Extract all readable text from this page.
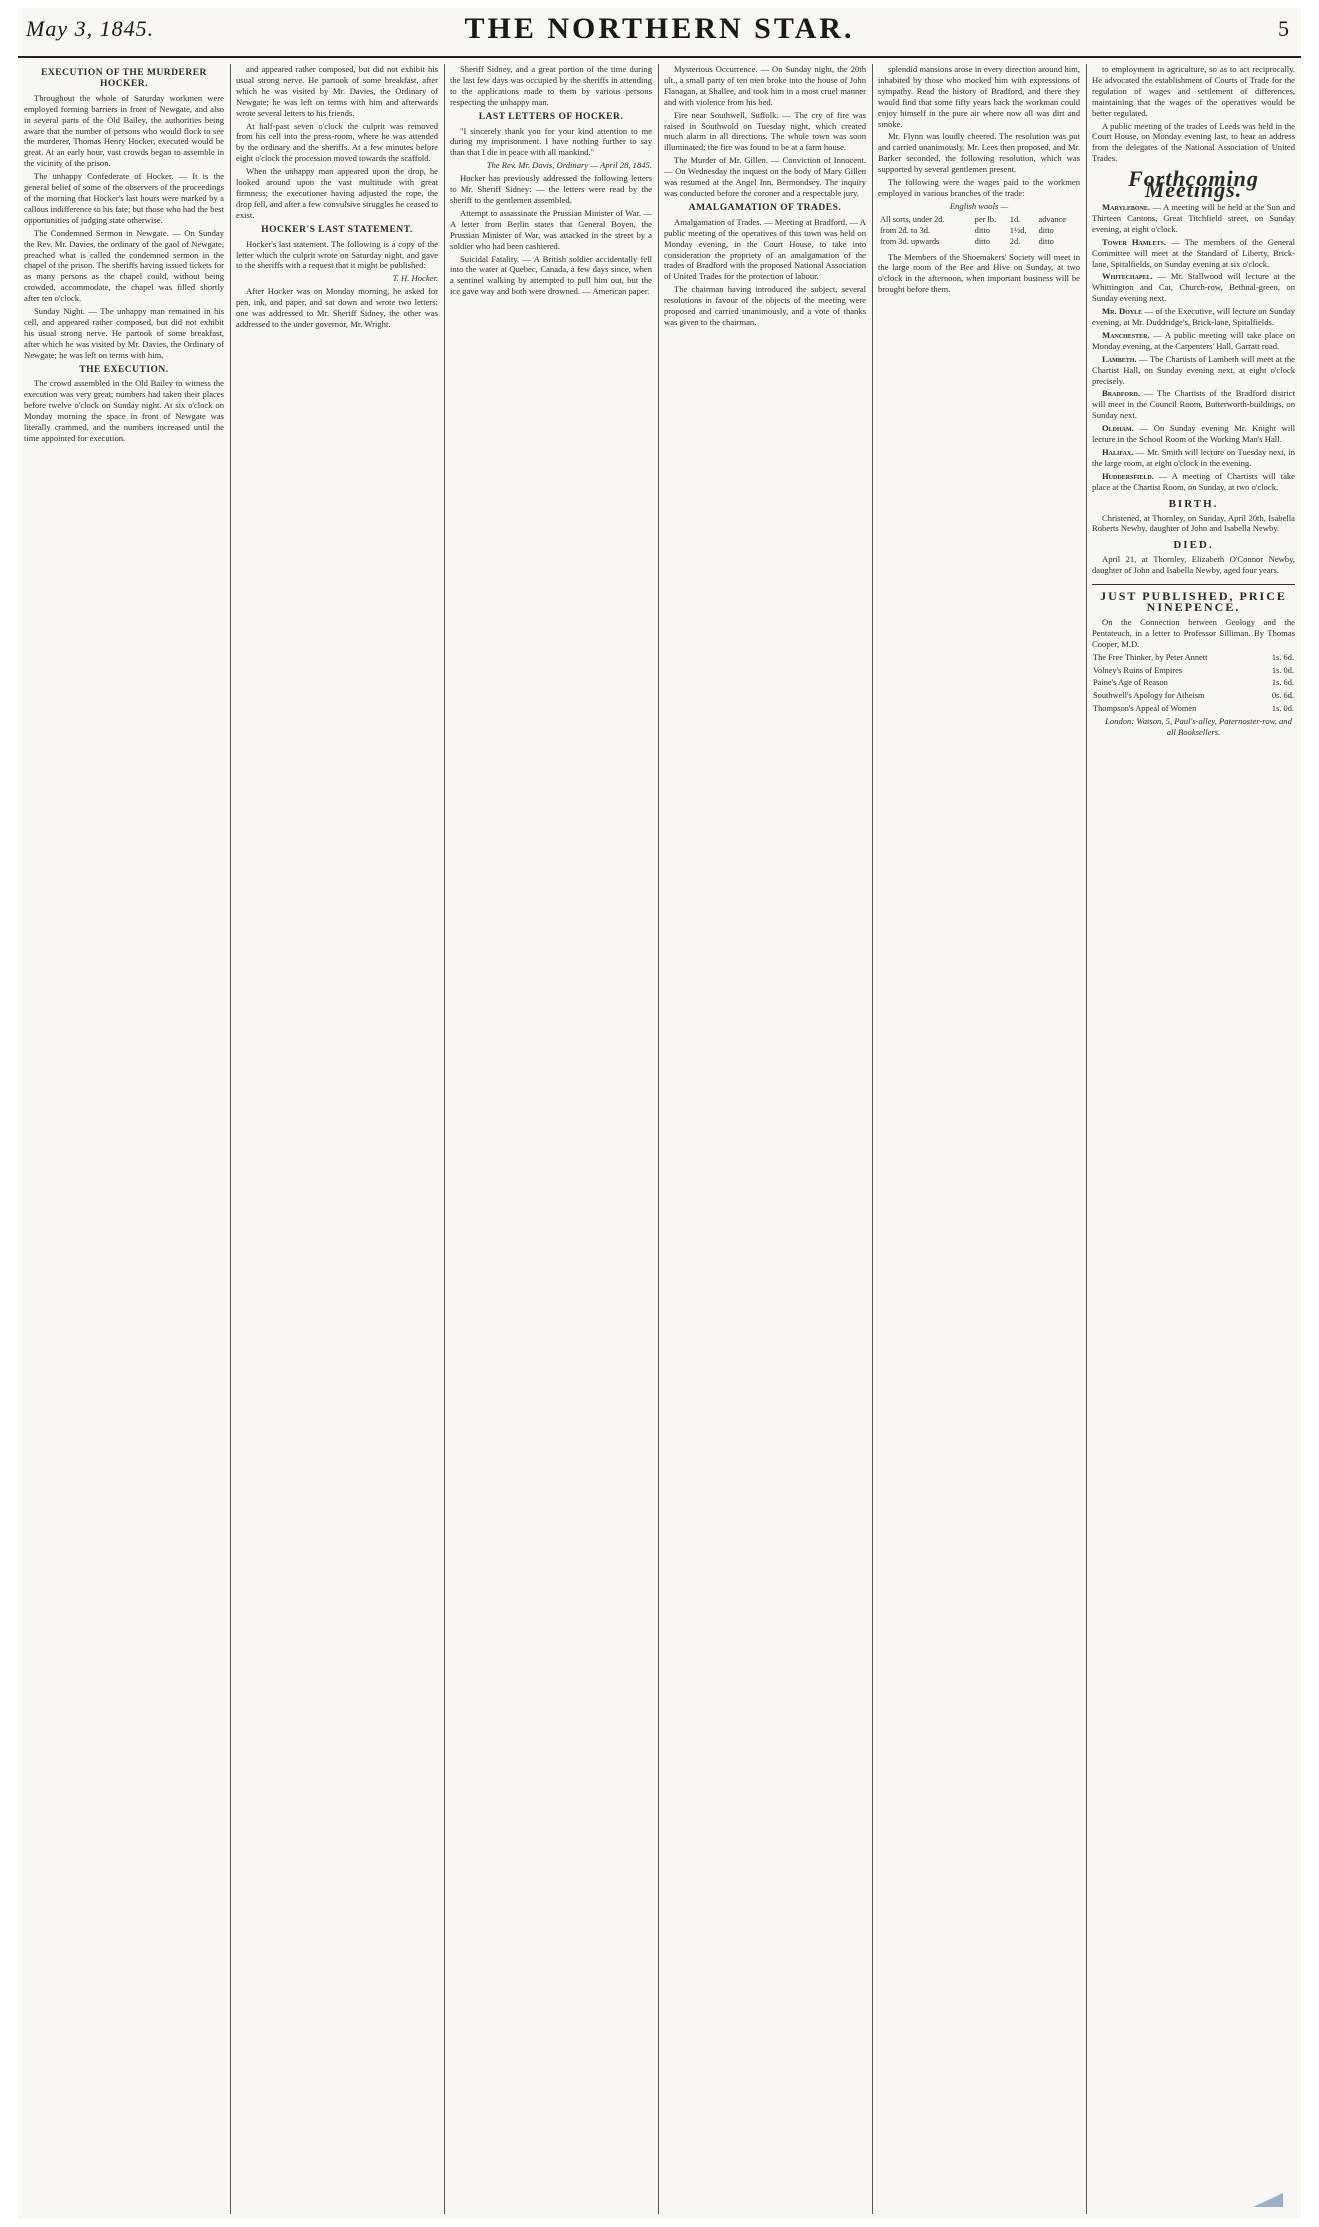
May 3, 1845.	THE NORTHERN STAR.	5
EXECUTION OF THE MURDERER HOCKER.

Throughout the whole of Saturday workmen were employed forming barriers in front of Newgate, and also in several parts of the Old Bailey, the authorities being aware that the number of persons who would flock to see the murderer, Thomas Henry Hocker, executed would be great. At an early hour, vast crowds began to assemble in the vicinity of the prison.

The unhappy Confederate of Hocker. — It is the general belief of some of the observers of the proceedings of the morning that Hocker's last hours were marked by a callous indifference to his fate; but those who had the best opportunities of judging state otherwise.

The Condemned Sermon in Newgate. — On Sunday the Rev. Mr. Davies, the ordinary of the gaol of Newgate, preached what is called the condemned sermon in the chapel of the prison. The sheriffs having issued tickets for as many persons as the chapel could, without being crowded, accommodate, the chapel was filled shortly after ten o'clock.

Sunday Night. — The unhappy man remained in his cell, and appeared rather composed, but did not exhibit his usual strong nerve. He partook of some breakfast, after which he was visited by Mr. Davies, the Ordinary of Newgate; he was left on terms with him.

THE EXECUTION.

The crowd assembled in the Old Bailey to witness the execution was very great; numbers had taken their places before twelve o'clock on Sunday night. At six o'clock on Monday morning the space in front of Newgate was literally crammed, and the numbers increased until the time appointed for execution.

and appeared rather composed, but did not exhibit his usual strong nerve. He partook of some breakfast, after which he was visited by Mr. Davies, the Ordinary of Newgate; he was left on terms with him and afterwards wrote several letters to his friends.

At half-past seven o'clock the culprit was removed from his cell into the press-room, where he was attended by the ordinary and the sheriffs. At a few minutes before eight o'clock the procession moved towards the scaffold.

When the unhappy man appeared upon the drop, he looked around upon the vast multitude with great firmness; the executioner having adjusted the rope, the drop fell, and after a few convulsive struggles he ceased to exist.

HOCKER'S LAST STATEMENT.

Hocker's last statement. The following is a copy of the letter which the culprit wrote on Saturday night, and gave to the sheriffs with a request that it might be published:

T. H. Hocker.

After Hocker was on Monday morning, he asked for pen, ink, and paper, and sat down and wrote two letters: one was addressed to Mr. Sheriff Sidney, the other was addressed to the under governor, Mr. Wright.

Sheriff Sidney, and a great portion of the time during the last few days was occupied by the sheriffs in attending to the applications made to them by various persons respecting the unhappy man.

LAST LETTERS OF HOCKER.

"I sincerely thank you for your kind attention to me during my imprisonment. I have nothing further to say than that I die in peace with all mankind."

The Rev. Mr. Davis, Ordinary — April 28, 1845.

Hocker has previously addressed the following letters to Mr. Sheriff Sidney: — the letters were read by the sheriff to the gentlemen assembled.

Attempt to assassinate the Prussian Minister of War. — A letter from Berlin states that General Boyen, the Prussian Minister of War, was attacked in the street by a soldier who had been cashiered.

Suicidal Fatality. — A British soldier accidentally fell into the water at Quebec, Canada, a few days since, when a sentinel walking by attempted to pull him out, but the ice gave way and both were drowned. — American paper.

Mysterious Occurrence. — On Sunday night, the 20th ult., a small party of ten men broke into the house of John Flanagan, at Shallee, and took him in a most cruel manner and with violence from his bed.

Fire near Southwell, Suffolk. — The cry of fire was raised in Southwold on Tuesday night, which created much alarm in all directions. The whole town was soon illuminated; the fire was found to be at a farm house.

The Murder of Mr. Gillen. — Conviction of Innocent. — On Wednesday the inquest on the body of Mary Gillen was resumed at the Angel Inn, Bermondsey. The inquiry was conducted before the coroner and a respectable jury.

AMALGAMATION OF TRADES.

Amalgamation of Trades. — Meeting at Bradford. — A public meeting of the operatives of this town was held on Monday evening, in the Court House, to take into consideration the propriety of an amalgamation of the trades of Bradford with the proposed National Association of United Trades for the protection of labour.

The chairman having introduced the subject, several resolutions in favour of the objects of the meeting were proposed and carried unanimously, and a vote of thanks was given to the chairman.

splendid mansions arose in every direction around him, inhabited by those who mocked him with expressions of sympathy. Read the history of Bradford, and there they would find that some fifty years back the workman could enjoy himself in the pure air where now all was dirt and smoke.

Mr. Flynn was loudly cheered. The resolution was put and carried unanimously. Mr. Lees then proposed, and Mr. Barker seconded, the following resolution, which was supported by several gentlemen present.

The following were the wages paid to the workmen employed in various branches of the trade:

English wools —
All sorts, under 2d.	per lb.	1d.	advance
from 2d. to 3d.	ditto	1½d.	ditto
from 3d. upwards	ditto	2d.	ditto

The Members of the Shoemakers' Society will meet in the large room of the Bee and Hive on Sunday, at two o'clock in the afternoon, when important business will be brought before them.

to employment in agriculture, so as to act reciprocally. He advocated the establishment of Courts of Trade for the regulation of wages and settlement of differences, maintaining that the wages of the operatives would be better regulated.

A public meeting of the trades of Leeds was held in the Court House, on Monday evening last, to hear an address from the delegates of the National Association of United Trades.

Forthcoming Meetings.

Marylebone. — A meeting will be held at the Sun and Thirteen Cantons, Great Titchfield street, on Sunday evening, at eight o'clock.

Tower Hamlets. — The members of the General Committee will meet at the Standard of Liberty, Brick-lane, Spitalfields, on Sunday evening at six o'clock.

Whitechapel. — Mr. Stallwood will lecture at the Whittington and Cat, Church-row, Bethnal-green, on Sunday evening next.

Mr. Doyle — of the Executive, will lecture on Sunday evening, at Mr. Duddridge's, Brick-lane, Spitalfields.

Manchester. — A public meeting will take place on Monday evening, at the Carpenters' Hall, Garratt road.

Lambeth. — The Chartists of Lambeth will meet at the Chartist Hall, on Sunday evening next, at eight o'clock precisely.

Bradford. — The Chartists of the Bradford district will meet in the Council Room, Butterworth-buildings, on Sunday next.

Oldham. — On Sunday evening Mr. Knight will lecture in the School Room of the Working Man's Hall.

Halifax. — Mr. Smith will lecture on Tuesday next, in the large room, at eight o'clock in the evening.

Huddersfield. — A meeting of Chartists will take place at the Chartist Room, on Sunday, at two o'clock.

BIRTH.

Christened, at Thornley, on Sunday, April 20th, Isabella Roberts Newby, daughter of John and Isabella Newby.

DIED.

April 21, at Thornley, Elizabeth O'Connor Newby, daughter of John and Isabella Newby, aged four years.

JUST PUBLISHED, PRICE NINEPENCE.

On the Connection between Geology and the Pentateuch, in a letter to Professor Silliman. By Thomas Cooper, M.D.

The Free Thinker, by Peter Annett	1s. 6d.
Volney's Ruins of Empires	1s. 0d.
Paine's Age of Reason	1s. 6d.
Southwell's Apology for Atheism	0s. 6d.
Thompson's Appeal of Women	1s. 0d.

London: Watson, 5, Paul's-alley, Paternoster-row, and all Booksellers.
